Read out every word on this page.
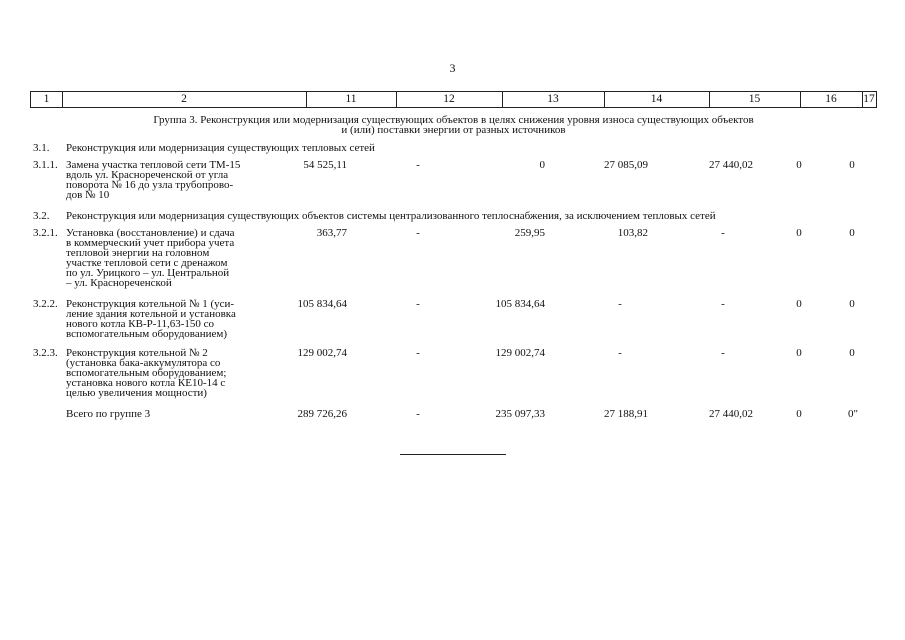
3
1	2	11	12	13	14	15	16	17
Группа 3. Реконструкция или модернизация существующих объектов в целях снижения уровня износа существующих объектов
и (или) поставки энергии от разных источников
3.1. Реконструкция или модернизация существующих тепловых сетей
3.1.1. Замена участка тепловой сети ТМ-15
вдоль ул. Краснореченской от угла
поворота № 16 до узла трубопрово-
дов № 10
54 525,11	-	0	27 085,09	27 440,02	0	0
3.2. Реконструкция или модернизация существующих объектов системы централизованного теплоснабжения, за исключением тепловых сетей
3.2.1. Установка (восстановление) и сдача
в коммерческий учет прибора учета
тепловой энергии на головном
участке тепловой сети с дренажом
по ул. Урицкого – ул. Центральной
– ул. Краснореченской
363,77	-	259,95	103,82	-	0	0
3.2.2. Реконструкция котельной № 1 (уси-
ление здания котельной и установка
нового котла КВ-Р-11,63-150 со
вспомогательным оборудованием)
105 834,64	-	105 834,64	-	-	0	0
3.2.3. Реконструкция котельной № 2
(установка бака-аккумулятора со
вспомогательным оборудованием;
установка нового котла КЕ10-14 с
целью увеличения мощности)
129 002,74	-	129 002,74	-	-	0	0
Всего по группе 3	289 726,26	-	235 097,33	27 188,91	27 440,02	0	0"
